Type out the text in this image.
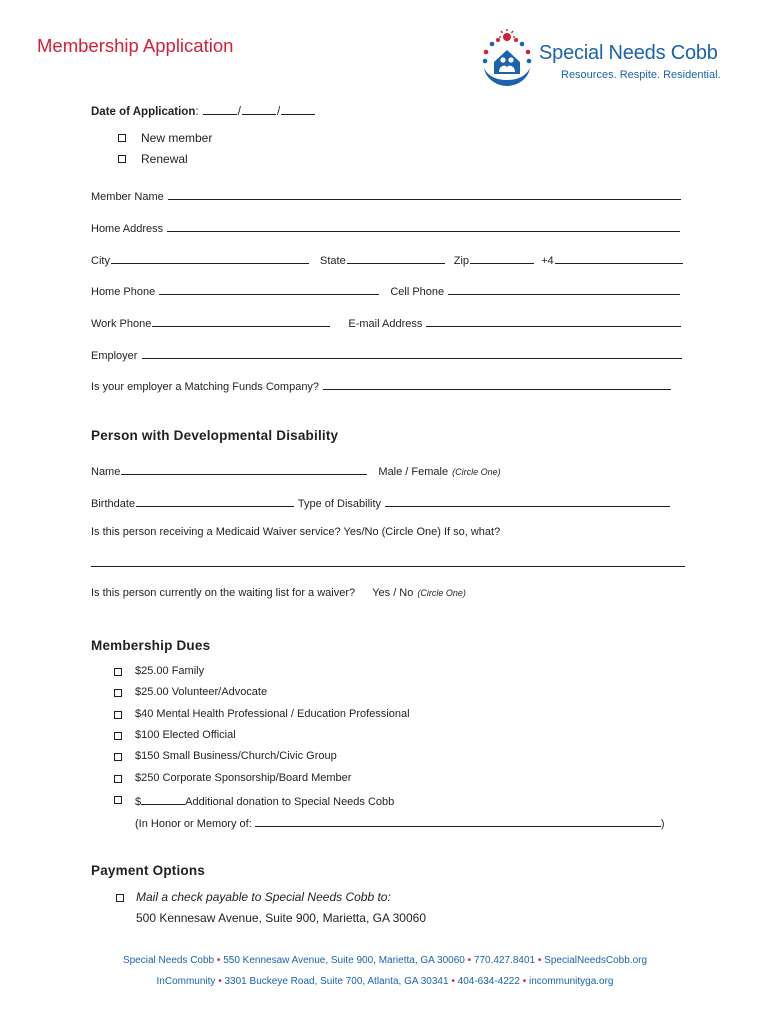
Membership Application	Special Needs Cobb
Resources. Respite. Residential.
Date of Application:	/	/
New member
Renewal
Member Name
Home Address
City	State	Zip	+4
Home Phone	Cell Phone
Work Phone	E-mail Address
Employer
Is your employer a Matching Funds Company?
Person with Developmental Disability
Name	Male / Female (Circle One)
Birthdate	Type of Disability
Is this person receiving a Medicaid Waiver service? Yes/No (Circle One) If so, what?
Is this person currently on the waiting list for a waiver? Yes / No (Circle One)
Membership Dues
$25.00 Family
$25.00 Volunteer/Advocate
$40 Mental Health Professional / Education Professional
$100 Elected Official
$150 Small Business/Church/Civic Group
$250 Corporate Sponsorship/Board Member
$	Additional donation to Special Needs Cobb
(In Honor or Memory of:	)
Payment Options
Mail a check payable to Special Needs Cobb to:
500 Kennesaw Avenue, Suite 900, Marietta, GA 30060
Special Needs Cobb • 550 Kennesaw Avenue, Suite 900, Marietta, GA 30060 • 770.427.8401 • SpecialNeedsCobb.org
InCommunity • 3301 Buckeye Road, Suite 700, Atlanta, GA 30341 • 404-634-4222 • incommunityga.org
